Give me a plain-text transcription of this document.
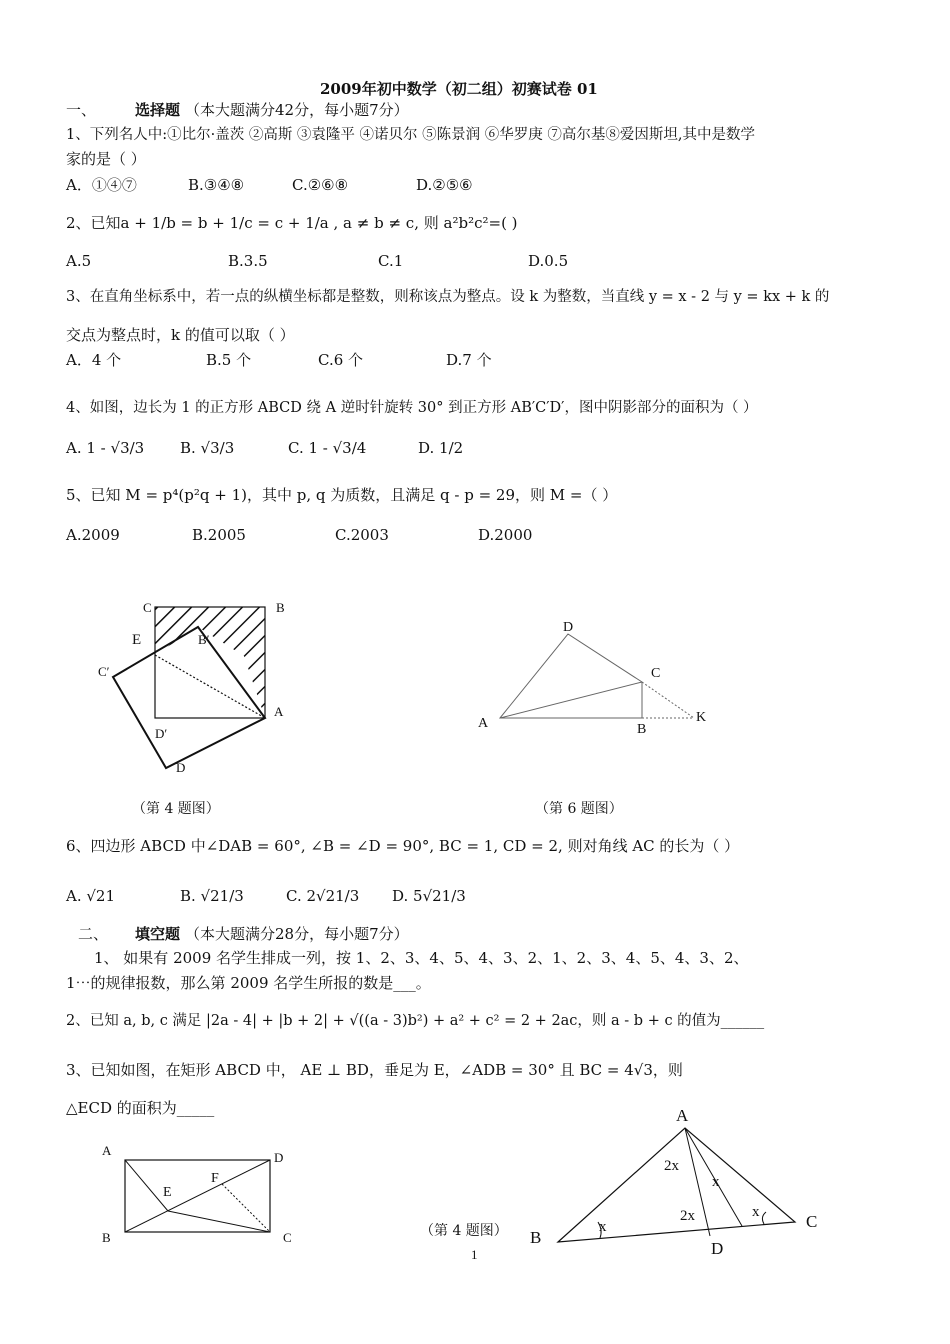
2009年初中数学（初二组）初赛试卷 01
一、	选择题 （本大题满分42分，每小题7分）
1、下列名人中:①比尔·盖茨 ②高斯 ③袁隆平 ④诺贝尔 ⑤陈景润 ⑥华罗庚 ⑦高尔基⑧爱因斯坦,其中是数学
家的是（ ）
A．①④⑦	B.③④⑧	C.②⑥⑧	D.②⑤⑥
2、已知a + 1/b = b + 1/c = c + 1/a , a ≠ b ≠ c, 则 a²b²c²=( )
A.5	B.3.5	C.1	D.0.5
3、在直角坐标系中，若一点的纵横坐标都是整数，则称该点为整点。设 k 为整数，当直线 y = x - 2 与 y = kx + k 的
交点为整点时，k 的值可以取（ ）
A．4 个	B.5 个	C.6 个	D.7 个
4、如图，边长为 1 的正方形 ABCD 绕 A 逆时针旋转 30° 到正方形 AB′C′D′，图中阴影部分的面积为（ ）
A. 1 - √3/3 B. √3/3	C. 1 - √3/4	D. 1/2
5、已知 M = p⁴(p²q + 1)，其中 p, q 为质数，且满足 q - p = 29，则 M =（ ）
A.2009	B.2005	C.2003	D.2000
C	B
E	B′
C′
A
D′
D
（第 4 题图）
D
C
A	B
K
（第 6 题图）
6、四边形 ABCD 中∠DAB = 60°, ∠B = ∠D = 90°, BC = 1, CD = 2, 则对角线 AC 的长为（ ）
A. √21	B. √21/3	C. 2√21/3 D. 5√21/3
二、 填空题 （本大题满分28分，每小题7分）
1、 如果有 2009 名学生排成一列，按 1、2、3、4、5、4、3、2、1、2、3、4、5、4、3、2、
1⋯的规律报数，那么第 2009 名学生所报的数是___。
2、已知 a, b, c 满足 |2a - 4| + |b + 2| + √((a - 3)b²) + a² + c² = 2 + 2ac，则 a - b + c 的值为______
3、已知如图，在矩形 ABCD 中， AE ⊥ BD，垂足为 E，∠ADB = 30° 且 BC = 4√3，则
△ECD 的面积为_____
A	D
E
F
B	C	（第 4 题图）
A
2x
x
2x
x
x
B
C
D
1
